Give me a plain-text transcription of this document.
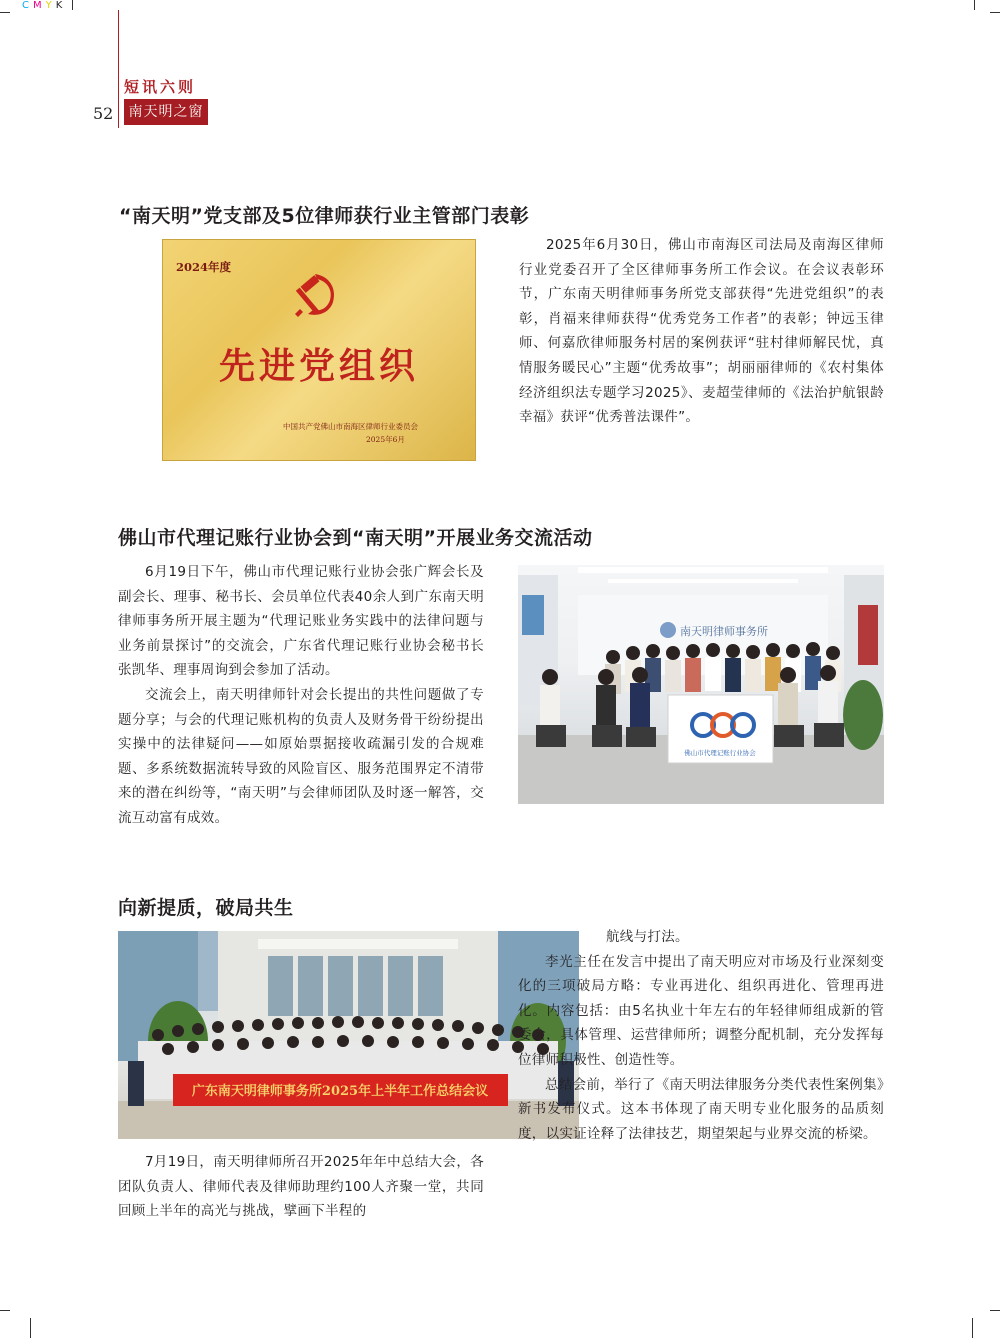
CMYK
短讯六则
52	南天明之窗
“南天明”党支部及5位律师获行业主管部门表彰
2024年度
先进党组织
中国共产党佛山市南海区律师行业委员会
2025年6月

2025年6月30日，佛山市南海区司法局及南海区律师行业党委召开了全区律师事务所工作会议。在会议表彰环节，广东南天明律师事务所党支部获得“先进党组织”的表彰，肖福来律师获得“优秀党务工作者”的表彰；钟远玉律师、何嘉欣律师服务村居的案例获评“驻村律师解民忧，真情服务暖民心”主题“优秀故事”；胡丽丽律师的《农村集体经济组织法专题学习2025》、麦超莹律师的《法治护航银龄幸福》获评“优秀普法课件”。

佛山市代理记账行业协会到“南天明”开展业务交流活动

6月19日下午，佛山市代理记账行业协会张广辉会长及副会长、理事、秘书长、会员单位代表40余人到广东南天明律师事务所开展主题为“代理记账业务实践中的法律问题与业务前景探讨”的交流会，广东省代理记账行业协会秘书长张凯华、理事周询到会参加了活动。

交流会上，南天明律师针对会长提出的共性问题做了专题分享；与会的代理记账机构的负责人及财务骨干纷纷提出实操中的法律疑问——如原始票据接收疏漏引发的合规难题、多系统数据流转导致的风险盲区、服务范围界定不清带来的潜在纠纷等，“南天明”与会律师团队及时逐一解答，交流互动富有成效。

南天明律师事务所
佛山市代理记账行业协会
向新提质，破局共生
广东南天明律师事务所2025年上半年工作总结会议

7月19日，南天明律师所召开2025年年中总结大会，各团队负责人、律师代表及律师助理约100人齐聚一堂，共同回顾上半年的高光与挑战，擘画下半程的

航线与打法。

李光主任在发言中提出了南天明应对市场及行业深刻变化的三项破局方略：专业再进化、组织再进化、管理再进化。内容包括：由5名执业十年左右的年轻律师组成新的管委会，具体管理、运营律师所；调整分配机制，充分发挥每位律师积极性、创造性等。

总结会前，举行了《南天明法律服务分类代表性案例集》新书发布仪式。这本书体现了南天明专业化服务的品质刻度，以实证诠释了法律技艺，期望架起与业界交流的桥梁。
